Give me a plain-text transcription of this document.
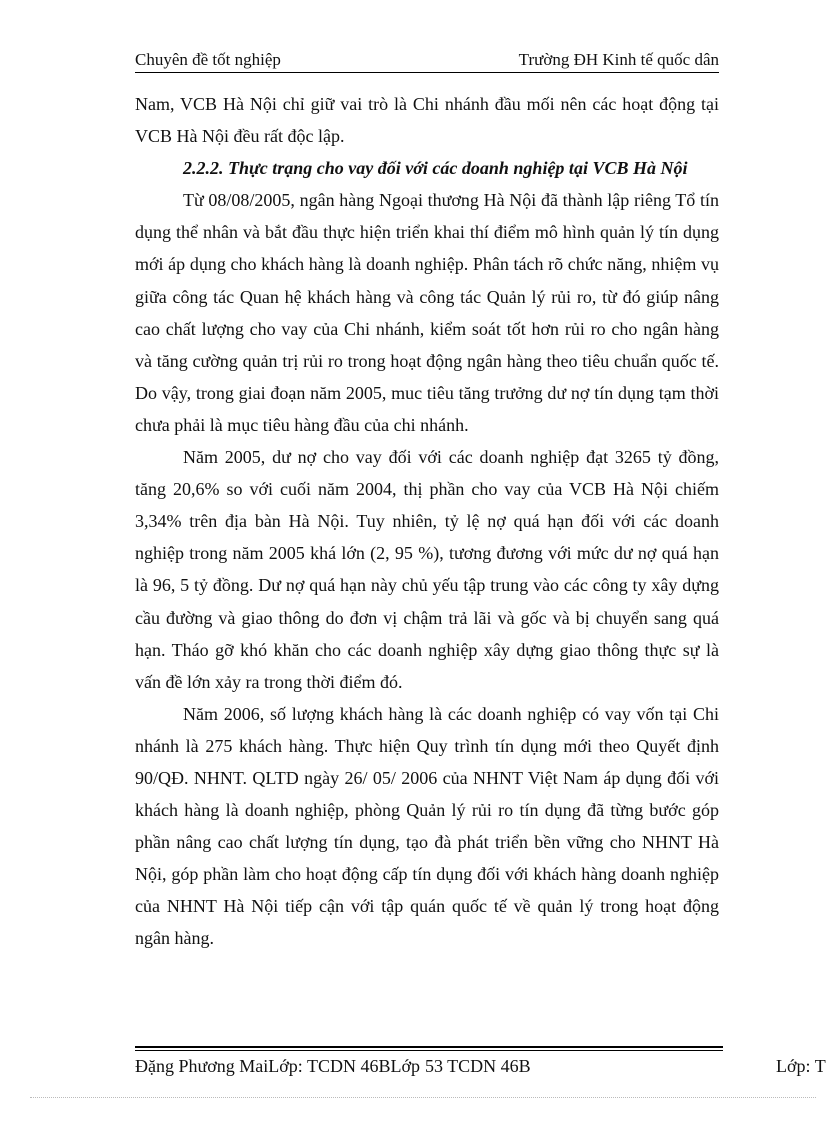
Chuyên đề tốt nghiệp	Trường ĐH Kinh tế quốc dân

Nam, VCB Hà Nội chỉ giữ vai trò là Chi nhánh đầu mối nên các hoạt động tại VCB Hà Nội đều rất độc lập.

2.2.2. Thực trạng cho vay đối với các doanh nghiệp tại VCB Hà Nội

Từ 08/08/2005, ngân hàng Ngoại thương Hà Nội đã thành lập riêng Tổ tín dụng thể nhân và bắt đầu thực hiện triển khai thí điểm mô hình quản lý tín dụng mới áp dụng cho khách hàng là doanh nghiệp. Phân tách rõ chức năng, nhiệm vụ giữa công tác Quan hệ khách hàng và công tác Quản lý rủi ro, từ đó giúp nâng cao chất lượng cho vay của Chi nhánh, kiểm soát tốt hơn rủi ro cho ngân hàng và tăng cường quản trị rủi ro trong hoạt động ngân hàng theo tiêu chuẩn quốc tế. Do vậy, trong giai đoạn năm 2005, muc tiêu tăng trưởng dư nợ tín dụng tạm thời chưa phải là mục tiêu hàng đầu của chi nhánh.

Năm 2005, dư nợ cho vay đối với các doanh nghiệp đạt 3265 tỷ đồng, tăng 20,6% so với cuối năm 2004, thị phần cho vay của VCB Hà Nội chiếm 3,34% trên địa bàn Hà Nội. Tuy nhiên, tỷ lệ nợ quá hạn đối với các doanh nghiệp trong năm 2005 khá lớn (2, 95 %), tương đương với mức dư nợ quá hạn là 96, 5 tỷ đồng. Dư nợ quá hạn này chủ yếu tập trung vào các công ty xây dựng cầu đường và giao thông do đơn vị chậm trả lãi và gốc và bị chuyển sang quá hạn. Tháo gỡ khó khăn cho các doanh nghiệp xây dựng giao thông thực sự là vấn đề lớn xảy ra trong thời điểm đó.

Năm 2006, số lượng khách hàng là các doanh nghiệp có vay vốn tại Chi nhánh là 275 khách hàng. Thực hiện Quy trình tín dụng mới theo Quyết định 90/QĐ. NHNT. QLTD ngày 26/ 05/ 2006 của NHNT Việt Nam áp dụng đối với khách hàng là doanh nghiệp, phòng Quản lý rủi ro tín dụng đã từng bước góp phần nâng cao chất lượng tín dụng, tạo đà phát triển bền vững cho NHNT Hà Nội, góp phần làm cho hoạt động cấp tín dụng đối với khách hàng doanh nghiệp của NHNT Hà Nội tiếp cận với tập quán quốc tế về quản lý trong hoạt động ngân hàng.

Đặng Phương MaiLớp: TCDN 46BLớp 53 TCDN 46B	Lớp: T
